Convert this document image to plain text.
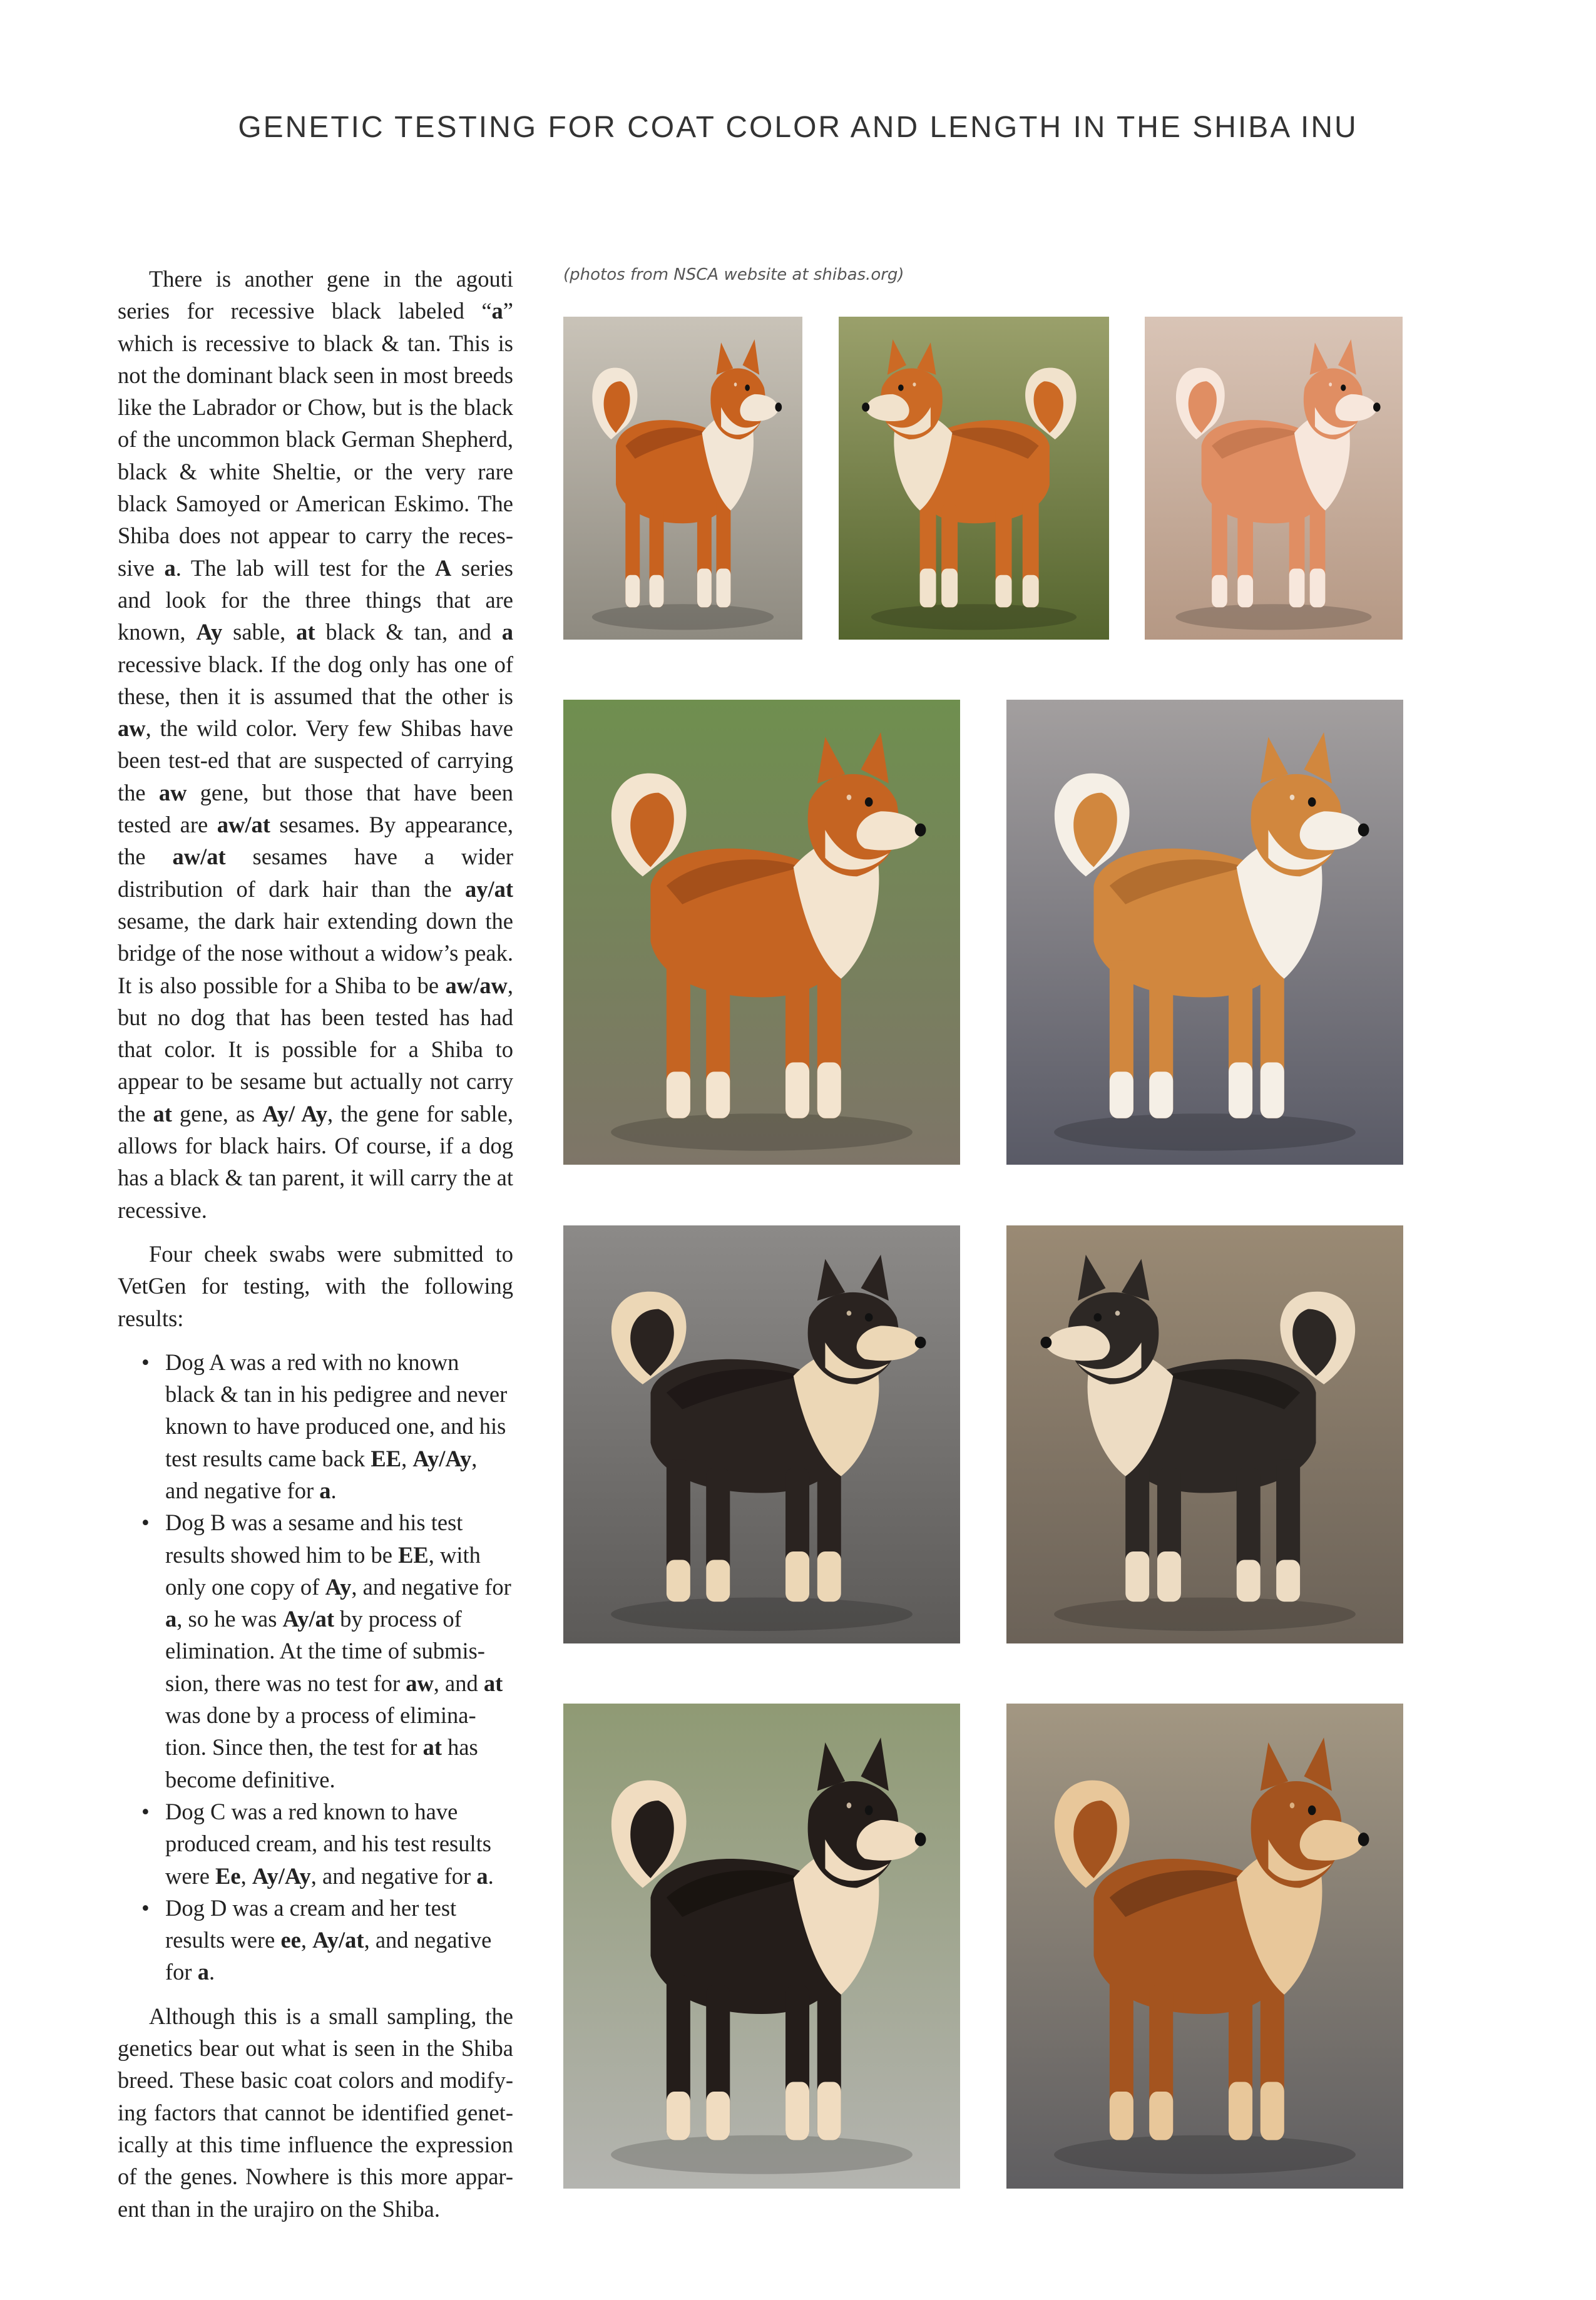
GENETIC TESTING FOR COAT COLOR AND LENGTH IN THE SHIBA INU
(photos from NSCA website at shibas.org)

There is another gene in the agouti series for recessive black labeled “a” which is recessive to black & tan. This is not the dominant black seen in most breeds like the Labrador or Chow, but is the black of the uncommon black German Shepherd, black & white Sheltie, or the very rare black Samoyed or American Eskimo. The Shiba does not appear to carry the reces-sive a. The lab will test for the A series and look for the three things that are known, Ay sable, at black & tan, and a recessive black. If the dog only has one of these, then it is assumed that the other is aw, the wild color. Very few Shibas have been test-ed that are suspected of carrying the aw gene, but those that have been tested are aw/at sesames. By appearance, the aw/at sesames have a wider distribution of dark hair than the ay/at sesame, the dark hair extending down the bridge of the nose without a widow’s peak. It is also possible for a Shiba to be aw/aw, but no dog that has been tested has had that color. It is possible for a Shiba to appear to be sesame but actually not carry the at gene, as Ay/ Ay, the gene for sable, allows for black hairs. Of course, if a dog has a black & tan parent, it will carry the at recessive.

Four cheek swabs were submitted to VetGen for testing, with the following results:

• Dog A was a red with no known black & tan in his pedigree and never known to have produced one, and his test results came back EE, Ay/Ay, and negative for a.
• Dog B was a sesame and his test results showed him to be EE, with only one copy of Ay, and negative for a, so he was Ay/at by process of elimination. At the time of submis-sion, there was no test for aw, and at was done by a process of elimina-tion. Since then, the test for at has become definitive.
• Dog C was a red known to have produced cream, and his test results were Ee, Ay/Ay, and negative for a.
• Dog D was a cream and her test results were ee, Ay/at, and negative for a.

Although this is a small sampling, the genetics bear out what is seen in the Shiba breed. These basic coat colors and modify-ing factors that cannot be identified genet-ically at this time influence the expression of the genes. Nowhere is this more appar-ent than in the urajiro on the Shiba.
